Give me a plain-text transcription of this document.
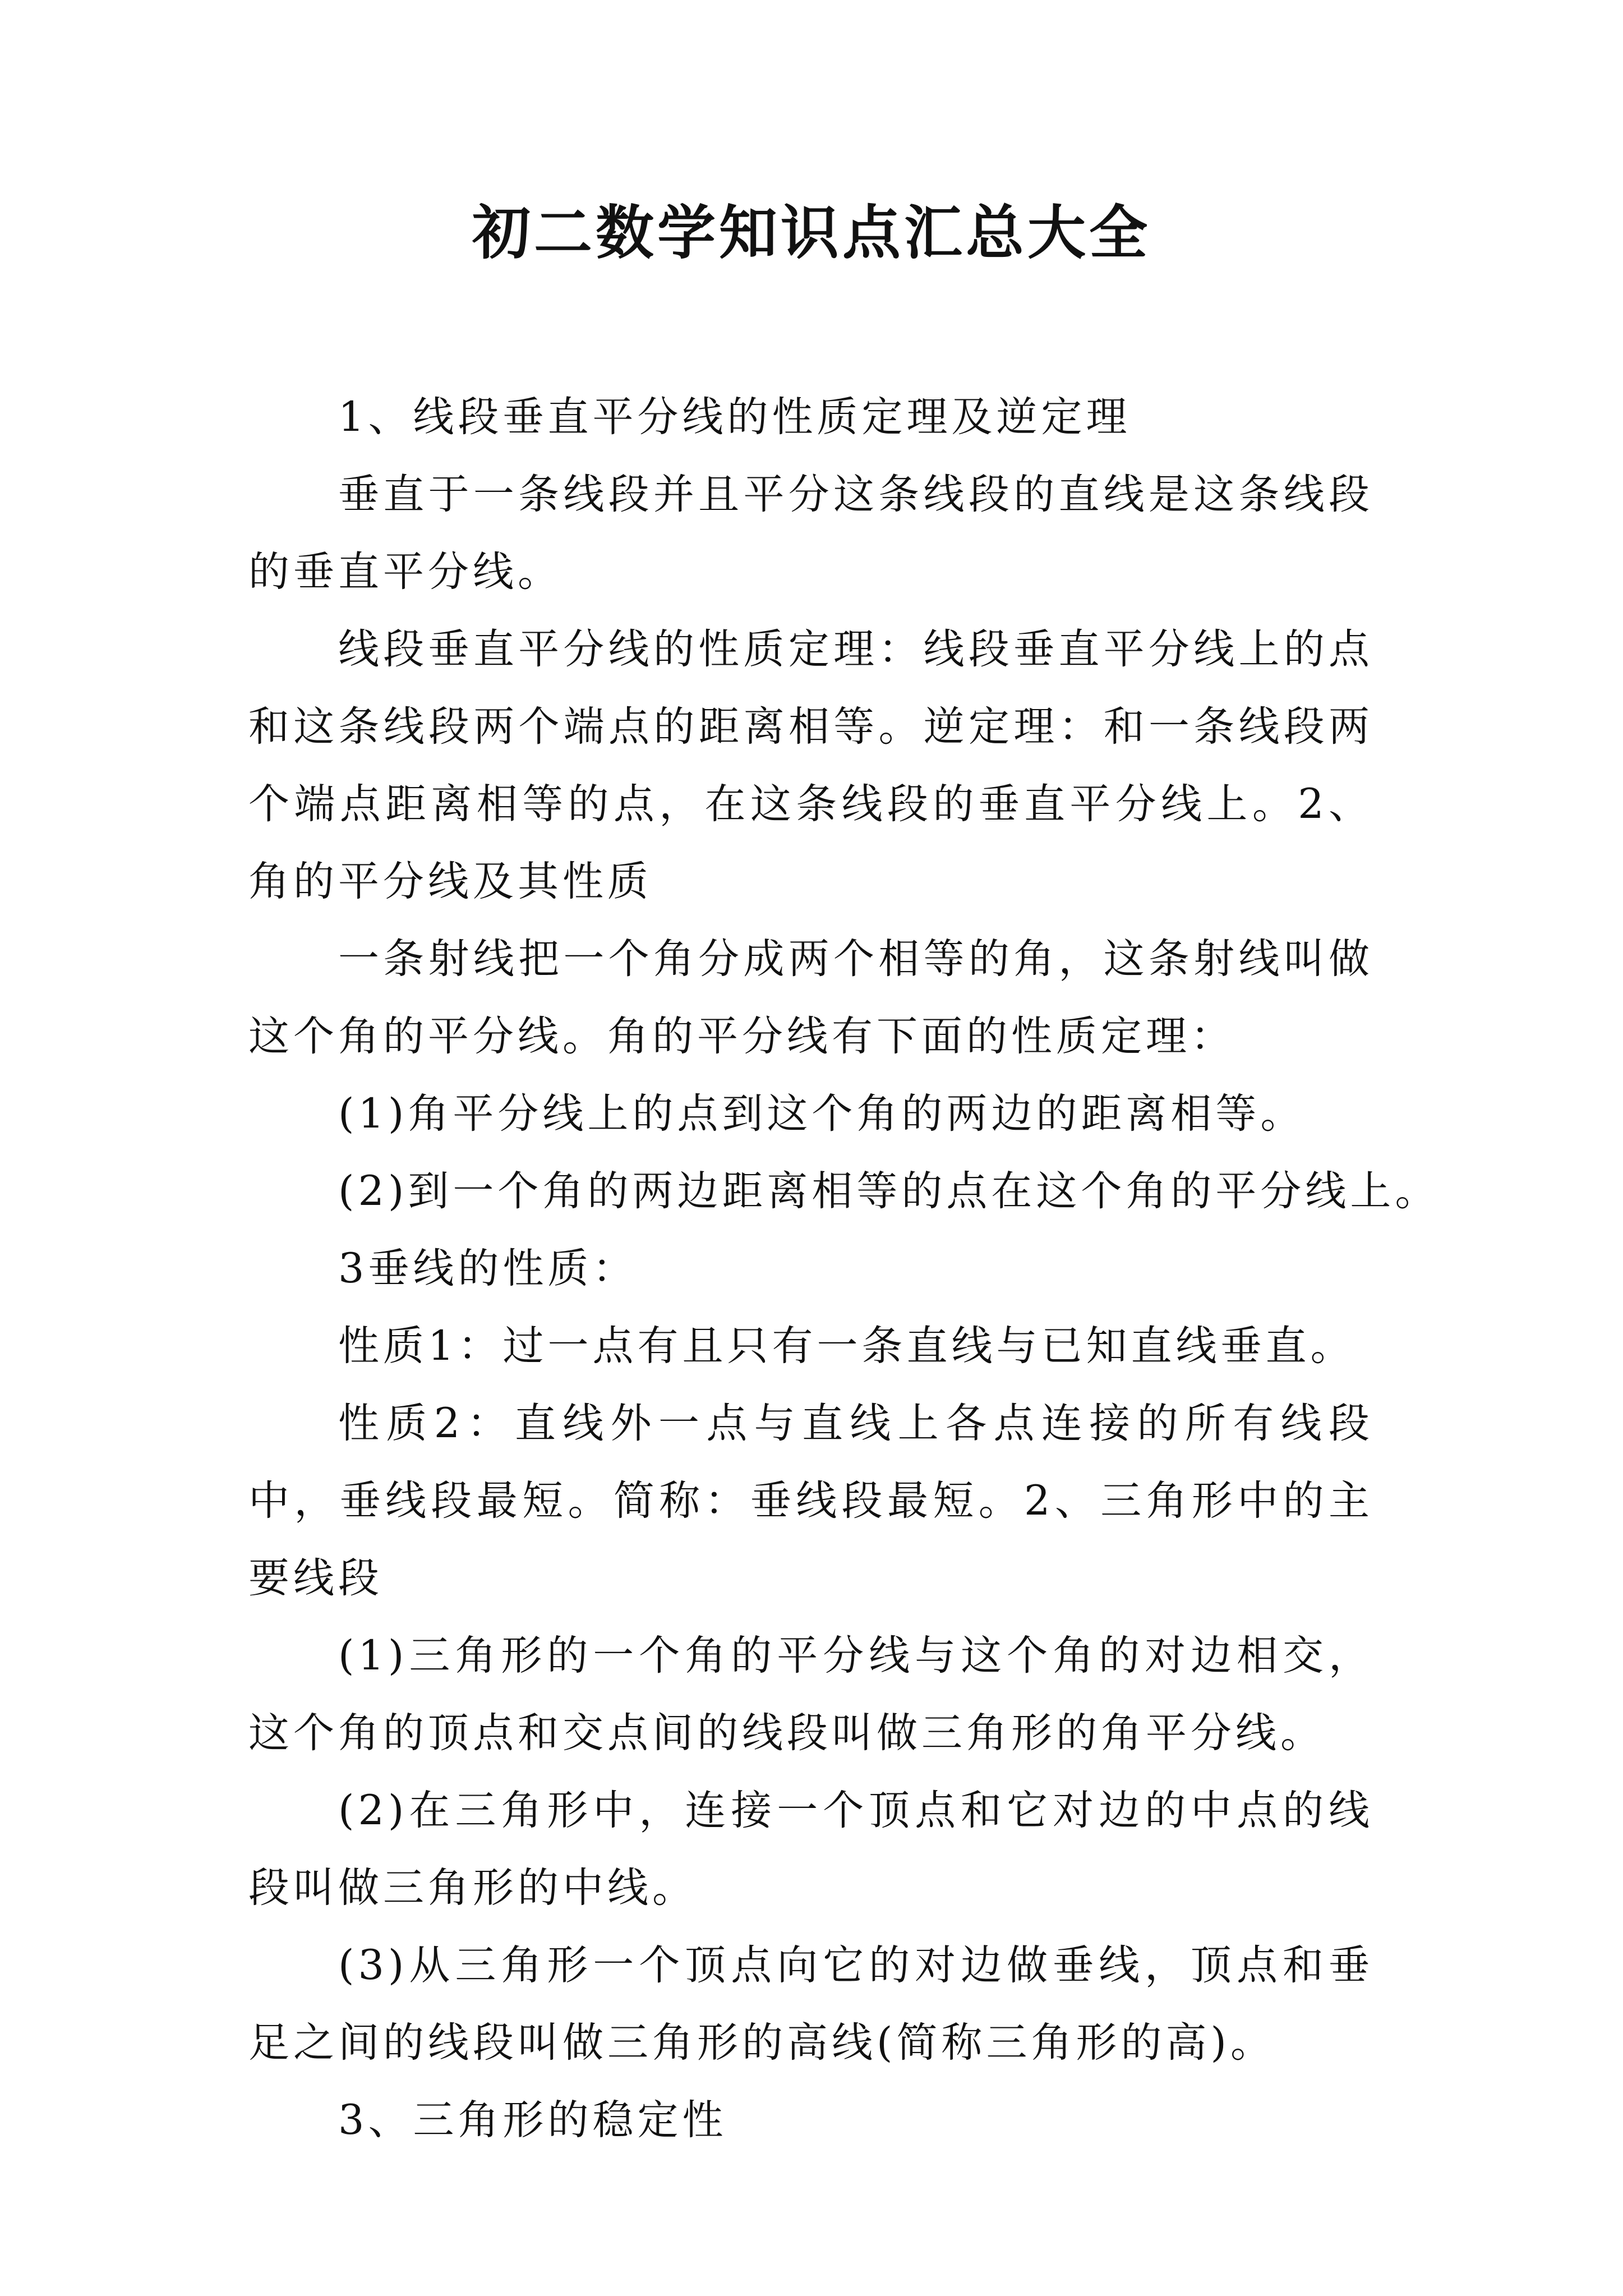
初二数学知识点汇总大全

1、线段垂直平分线的性质定理及逆定理

垂直于一条线段并且平分这条线段的直线是这条线段的垂直平分线。

线段垂直平分线的性质定理：线段垂直平分线上的点和这条线段两个端点的距离相等。逆定理：和一条线段两个端点距离相等的点，在这条线段的垂直平分线上。2、角的平分线及其性质

一条射线把一个角分成两个相等的角，这条射线叫做这个角的平分线。角的平分线有下面的性质定理：

(1)角平分线上的点到这个角的两边的距离相等。

(2)到一个角的两边距离相等的点在这个角的平分线上。

3垂线的性质：

性质1：过一点有且只有一条直线与已知直线垂直。

性质2：直线外一点与直线上各点连接的所有线段中，垂线段最短。简称：垂线段最短。2、三角形中的主要线段

(1)三角形的一个角的平分线与这个角的对边相交，这个角的顶点和交点间的线段叫做三角形的角平分线。

(2)在三角形中，连接一个顶点和它对边的中点的线段叫做三角形的中线。

(3)从三角形一个顶点向它的对边做垂线，顶点和垂足之间的线段叫做三角形的高线(简称三角形的高)。

3、三角形的稳定性
